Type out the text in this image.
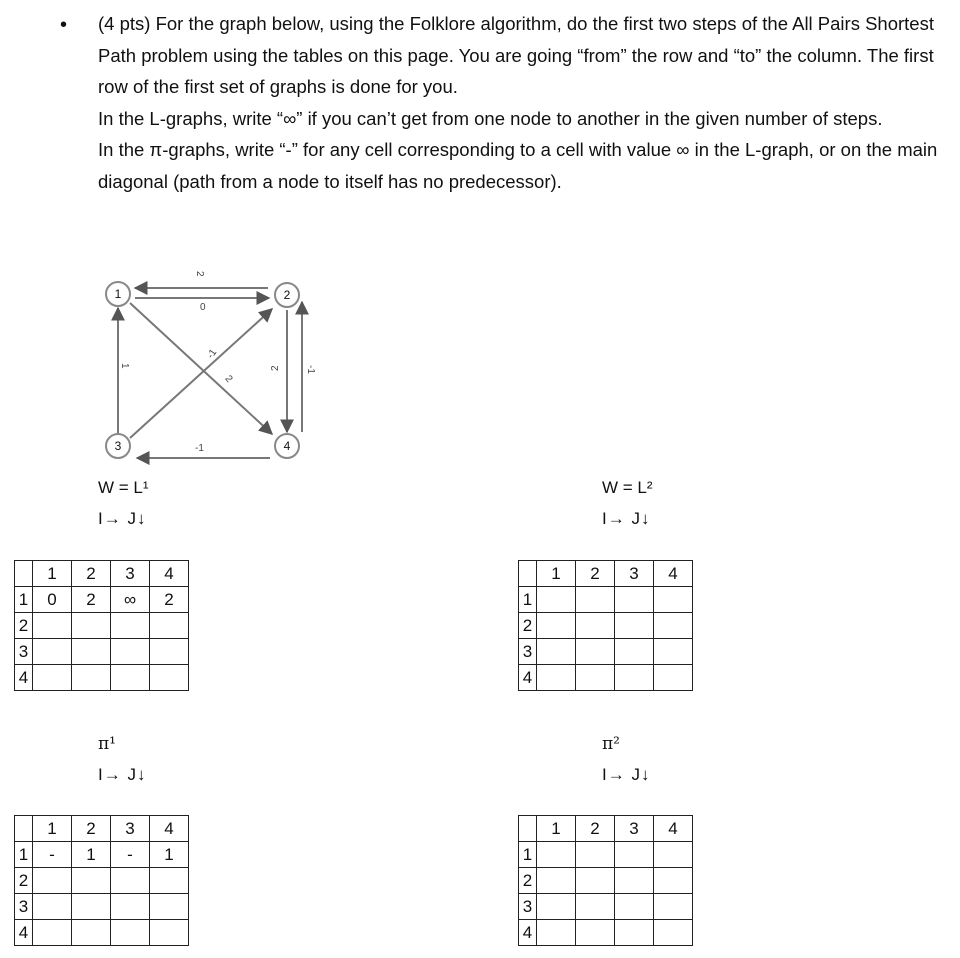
• (4 pts) For the graph below, using the Folklore algorithm, do the first two steps of the All Pairs Shortest Path problem using the tables on this page. You are going “from” the row and “to” the column. The first row of the first set of graphs is done for you.

In the L-graphs, write “∞” if you can’t get from one node to another in the given number of steps.

In the π-graphs, write “-” for any cell corresponding to a cell with value ∞ in the L-graph, or on the main diagonal (path from a node to itself has no predecessor).

2
0
1
-1
2
2 -1
-1
1	2
3	4
W = L¹
I→ J↓
	1	2	3	4
1	0	2	∞	2
2				
3				
4				
W = L²
I→ J↓
	1	2	3	4
1				
2				
3				
4				
π¹
I→ J↓
	1	2	3	4
1	-	1	-	1
2				
3				
4				
π²
I→ J↓
	1	2	3	4
1				
2				
3				
4				
